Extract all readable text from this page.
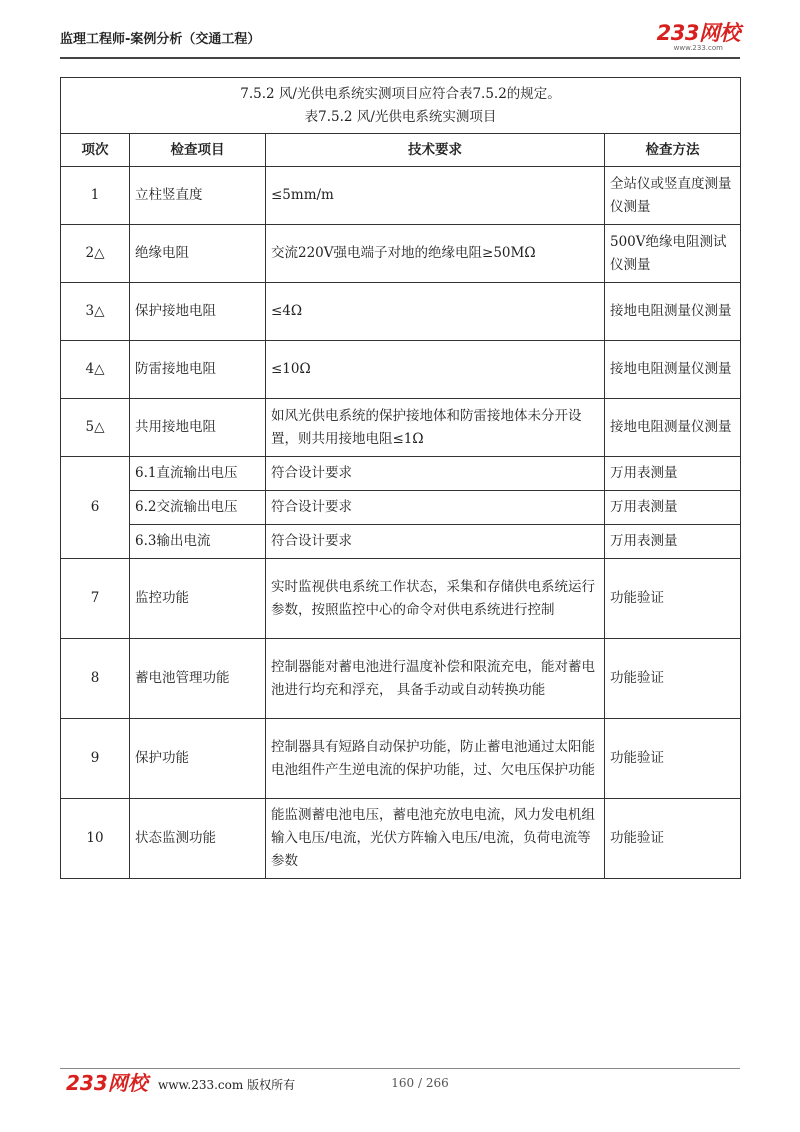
监理工程师-案例分析（交通工程）	233网校
www.233.com
7.5.2 风/光供电系统实测项目应符合表7.5.2的规定。
表7.5.2 风/光供电系统实测项目			

项次	检查项目	技术要求	检查方法
1	立柱竖直度	≤5mm/m	全站仪或竖直度测量仪测量
2△	绝缘电阻	交流220V强电端子对地的绝缘电阻≥50MΩ	500V绝缘电阻测试仪测量
3△	保护接地电阻	≤4Ω	接地电阻测量仪测量
4△	防雷接地电阻	≤10Ω	接地电阻测量仪测量
5△	共用接地电阻	如风光供电系统的保护接地体和防雷接地体未分开设置，则共用接地电阻≤1Ω	接地电阻测量仪测量
6	6.1直流输出电压	符合设计要求	万用表测量
	6.2交流输出电压	符合设计要求	万用表测量
	6.3输出电流	符合设计要求	万用表测量
7	监控功能	实时监视供电系统工作状态，采集和存储供电系统运行参数，按照监控中心的命令对供电系统进行控制	功能验证
8	蓄电池管理功能	控制器能对蓄电池进行温度补偿和限流充电，能对蓄电池进行均充和浮充， 具备手动或自动转换功能	功能验证
9	保护功能	控制器具有短路自动保护功能，防止蓄电池通过太阳能电池组件产生逆电流的保护功能，过、欠电压保护功能	功能验证
10	状态监测功能	能监测蓄电池电压，蓄电池充放电电流，风力发电机组输入电压/电流，光伏方阵输入电压/电流，负荷电流等参数	功能验证
233网校 www.233.com 版权所有	160 / 266
